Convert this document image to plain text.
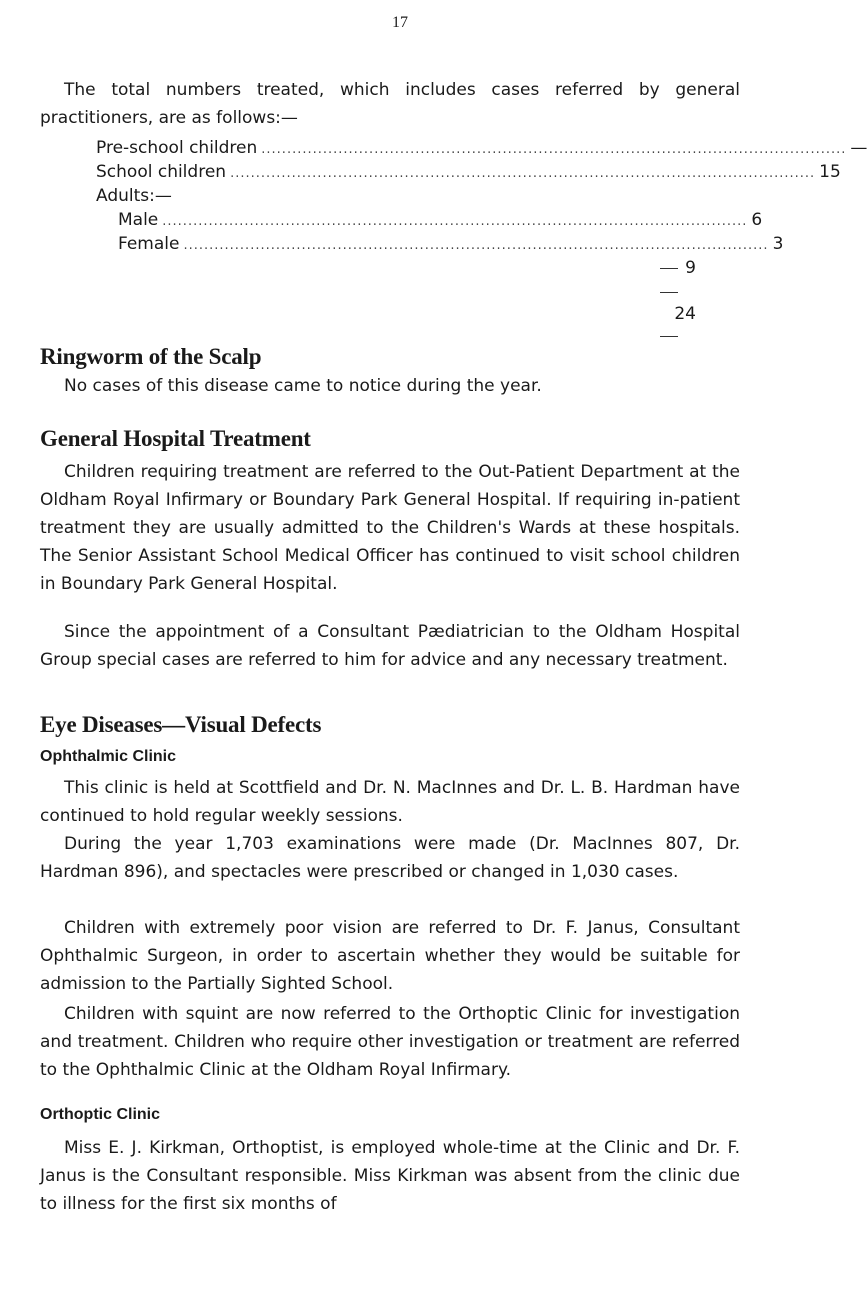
17
The total numbers treated, which includes cases referred by general practitioners, are as follows:—
Pre-school children .................................................................................................................. —
School children .................................................................................................................. 15
Adults:—
Male .................................................................................................................. 6
Female .................................................................................................................. 3
9
24
Ringworm of the Scalp
No cases of this disease came to notice during the year.
General Hospital Treatment
Children requiring treatment are referred to the Out-Patient Department at the Oldham Royal Infirmary or Boundary Park General Hospital. If requiring in-patient treatment they are usually admitted to the Children's Wards at these hospitals. The Senior Assistant School Medical Officer has continued to visit school children in Boundary Park General Hospital.
Since the appointment of a Consultant Pædiatrician to the Oldham Hospital Group special cases are referred to him for advice and any necessary treatment.
Eye Diseases—Visual Defects
Ophthalmic Clinic
This clinic is held at Scottfield and Dr. N. MacInnes and Dr. L. B. Hardman have continued to hold regular weekly sessions.
During the year 1,703 examinations were made (Dr. MacInnes 807, Dr. Hardman 896), and spectacles were prescribed or changed in 1,030 cases.
Children with extremely poor vision are referred to Dr. F. Janus, Consultant Ophthalmic Surgeon, in order to ascertain whether they would be suitable for admission to the Partially Sighted School.
Children with squint are now referred to the Orthoptic Clinic for investigation and treatment. Children who require other investigation or treatment are referred to the Ophthalmic Clinic at the Oldham Royal Infirmary.
Orthoptic Clinic
Miss E. J. Kirkman, Orthoptist, is employed whole-time at the Clinic and Dr. F. Janus is the Consultant responsible. Miss Kirkman was absent from the clinic due to illness for the first six months of
